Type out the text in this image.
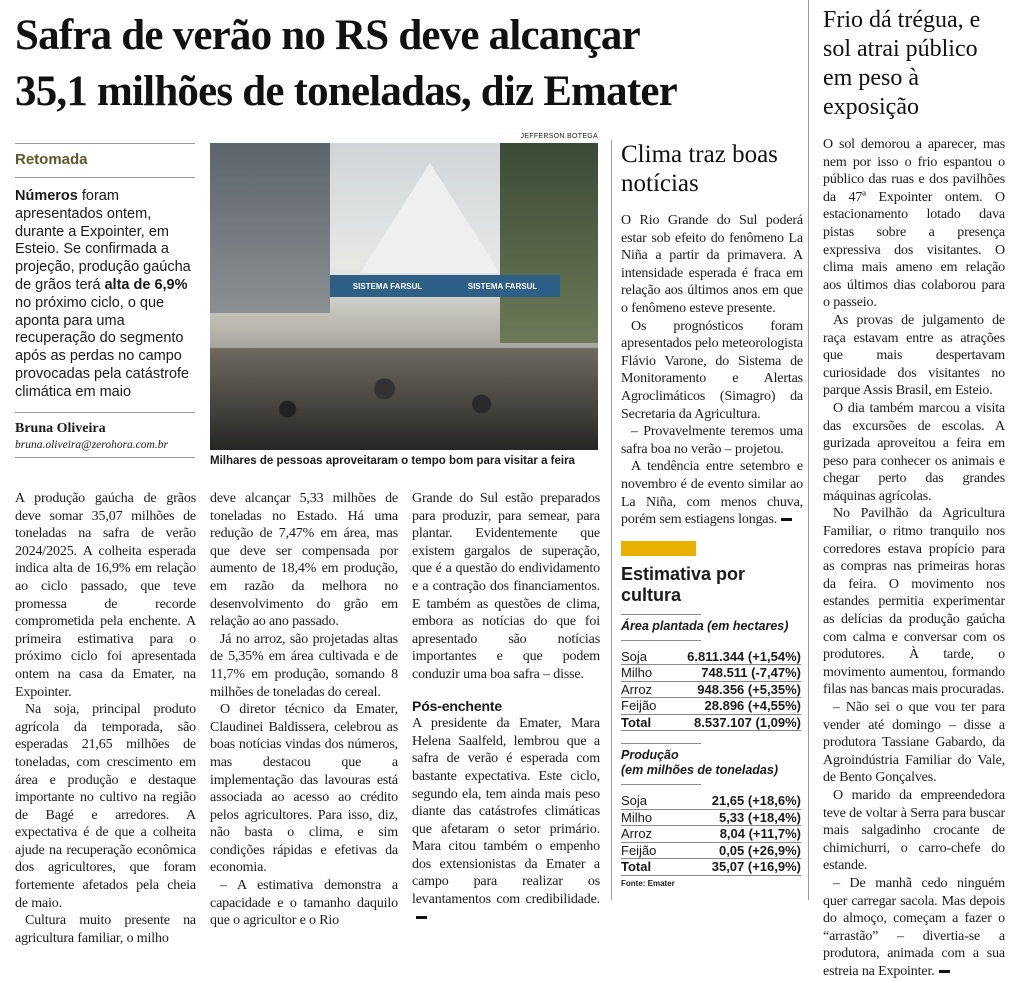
Safra de verão no RS deve alcançar
35,1 milhões de toneladas, diz Emater
Retomada
Números foram apresentados ontem, durante a Expointer, em Esteio. Se confirmada a projeção, produção gaúcha de grãos terá alta de 6,9% no próximo ciclo, o que aponta para uma recuperação do segmento após as perdas no campo provocadas pela catástrofe climática em maio
Bruna Oliveira
bruna.oliveira@zerohora.com.br
JEFFERSON BOTEGA
SISTEMA FARSUL	SISTEMA FARSUL
Milhares de pessoas aproveitaram o tempo bom para visitar a feira

A produção gaúcha de grãos deve somar 35,07 milhões de toneladas na safra de verão 2024/2025. A colheita esperada indica alta de 16,9% em relação ao ciclo passado, que teve promessa de recorde comprometida pela enchente. A primeira estimativa para o próximo ciclo foi apresentada ontem na casa da Emater, na Expointer.

Na soja, principal produto agrícola da temporada, são esperadas 21,65 milhões de toneladas, com crescimento em área e produção e destaque importante no cultivo na região de Bagé e arredores. A expectativa é de que a colheita ajude na recuperação econômica dos agricultores, que foram fortemente afetados pela cheia de maio.

Cultura muito presente na agricultura familiar, o milho

deve alcançar 5,33 milhões de toneladas no Estado. Há uma redução de 7,47% em área, mas que deve ser compensada por aumento de 18,4% em produção, em razão da melhora no desenvolvimento do grão em relação ao ano passado.

Já no arroz, são projetadas altas de 5,35% em área cultivada e de 11,7% em produção, somando 8 milhões de toneladas do cereal.

O diretor técnico da Emater, Claudinei Baldissera, celebrou as boas notícias vindas dos números, mas destacou que a implementação das lavouras está associada ao acesso ao crédito pelos agricultores. Para isso, diz, não basta o clima, e sim condições rápidas e efetivas da economia.

– A estimativa demonstra a capacidade e o tamanho daquilo que o agricultor e o Rio

Grande do Sul estão preparados para produzir, para semear, para plantar. Evidentemente que existem gargalos de superação, que é a questão do endividamento e a contração dos financiamentos. E também as questões de clima, embora as notícias do que foi apresentado são notícias importantes e que podem conduzir uma boa safra – disse.

Pós-enchente

A presidente da Emater, Mara Helena Saalfeld, lembrou que a safra de verão é esperada com bastante expectativa. Este ciclo, segundo ela, tem ainda mais peso diante das catástrofes climáticas que afetaram o setor primário. Mara citou também o empenho dos extensionistas da Emater a campo para realizar os levantamentos com credibilidade.

Clima traz boas notícias

O Rio Grande do Sul poderá estar sob efeito do fenômeno La Niña a partir da primavera. A intensidade esperada é fraca em relação aos últimos anos em que o fenômeno esteve presente.

Os prognósticos foram apresentados pelo meteorologista Flávio Varone, do Sistema de Monitoramento e Alertas Agroclimáticos (Simagro) da Secretaria da Agricultura.

– Provavelmente teremos uma safra boa no verão – projetou.

A tendência entre setembro e novembro é de evento similar ao La Niña, com menos chuva, porém sem estiagens longas.

Estimativa por cultura
Área plantada (em hectares)
Soja	6.811.344 (+1,54%)
Milho	748.511 (-7,47%)
Arroz	948.356 (+5,35%)
Feijão	28.896 (+4,55%)
Total	8.537.107 (1,09%)
Produção
(em milhões de toneladas)
Soja	21,65 (+18,6%)
Milho	5,33 (+18,4%)
Arroz	8,04 (+11,7%)
Feijão	0,05 (+26,9%)
Total	35,07 (+16,9%)
Fonte: Emater
Frio dá trégua, e sol atrai público em peso à exposição

O sol demorou a aparecer, mas nem por isso o frio espantou o público das ruas e dos pavilhões da 47ª Expointer ontem. O estacionamento lotado dava pistas sobre a presença expressiva dos visitantes. O clima mais ameno em relação aos últimos dias colaborou para o passeio.

As provas de julgamento de raça estavam entre as atrações que mais despertavam curiosidade dos visitantes no parque Assis Brasil, em Esteio.

O dia também marcou a visita das excursões de escolas. A gurizada aproveitou a feira em peso para conhecer os animais e chegar perto das grandes máquinas agrícolas.

No Pavilhão da Agricultura Familiar, o ritmo tranquilo nos corredores estava propício para as compras nas primeiras horas da feira. O movimento nos estandes permitia experimentar as delícias da produção gaúcha com calma e conversar com os produtores. À tarde, o movimento aumentou, formando filas nas bancas mais procuradas.

– Não sei o que vou ter para vender até domingo – disse a produtora Tassiane Gabardo, da Agroindústria Familiar do Vale, de Bento Gonçalves.

O marido da empreendedora teve de voltar à Serra para buscar mais salgadinho crocante de chimichurri, o carro-chefe do estande.

– De manhã cedo ninguém quer carregar sacola. Mas depois do almoço, começam a fazer o “arrastão” – divertia-se a produtora, animada com a sua estreia na Expointer.
